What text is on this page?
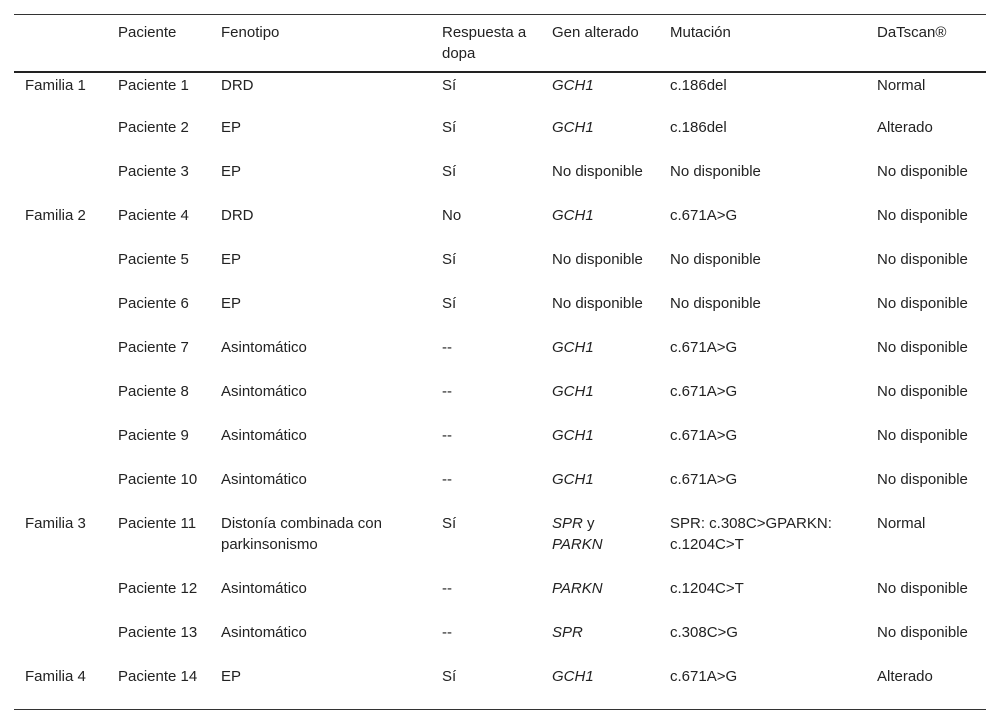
	Paciente	Fenotipo	Respuesta a dopa	Gen alterado	Mutación	DaTscan®
Familia 1	Paciente 1	DRD	Sí	GCH1	c.186del	Normal
	Paciente 2	EP	Sí	GCH1	c.186del	Alterado
	Paciente 3	EP	Sí	No disponible	No disponible	No disponible
Familia 2	Paciente 4	DRD	No	GCH1	c.671A>G	No disponible
	Paciente 5	EP	Sí	No disponible	No disponible	No disponible
	Paciente 6	EP	Sí	No disponible	No disponible	No disponible
	Paciente 7	Asintomático	--	GCH1	c.671A>G	No disponible
	Paciente 8	Asintomático	--	GCH1	c.671A>G	No disponible
	Paciente 9	Asintomático	--	GCH1	c.671A>G	No disponible
	Paciente 10	Asintomático	--	GCH1	c.671A>G	No disponible
Familia 3	Paciente 11	Distonía combinada con parkinsonismo	Sí	SPR y PARKN	SPR: c.308C>GPARKN: c.1204C>T	Normal
	Paciente 12	Asintomático	--	PARKN	c.1204C>T	No disponible
	Paciente 13	Asintomático	--	SPR	c.308C>G	No disponible
Familia 4	Paciente 14	EP	Sí	GCH1	c.671A>G	Alterado
